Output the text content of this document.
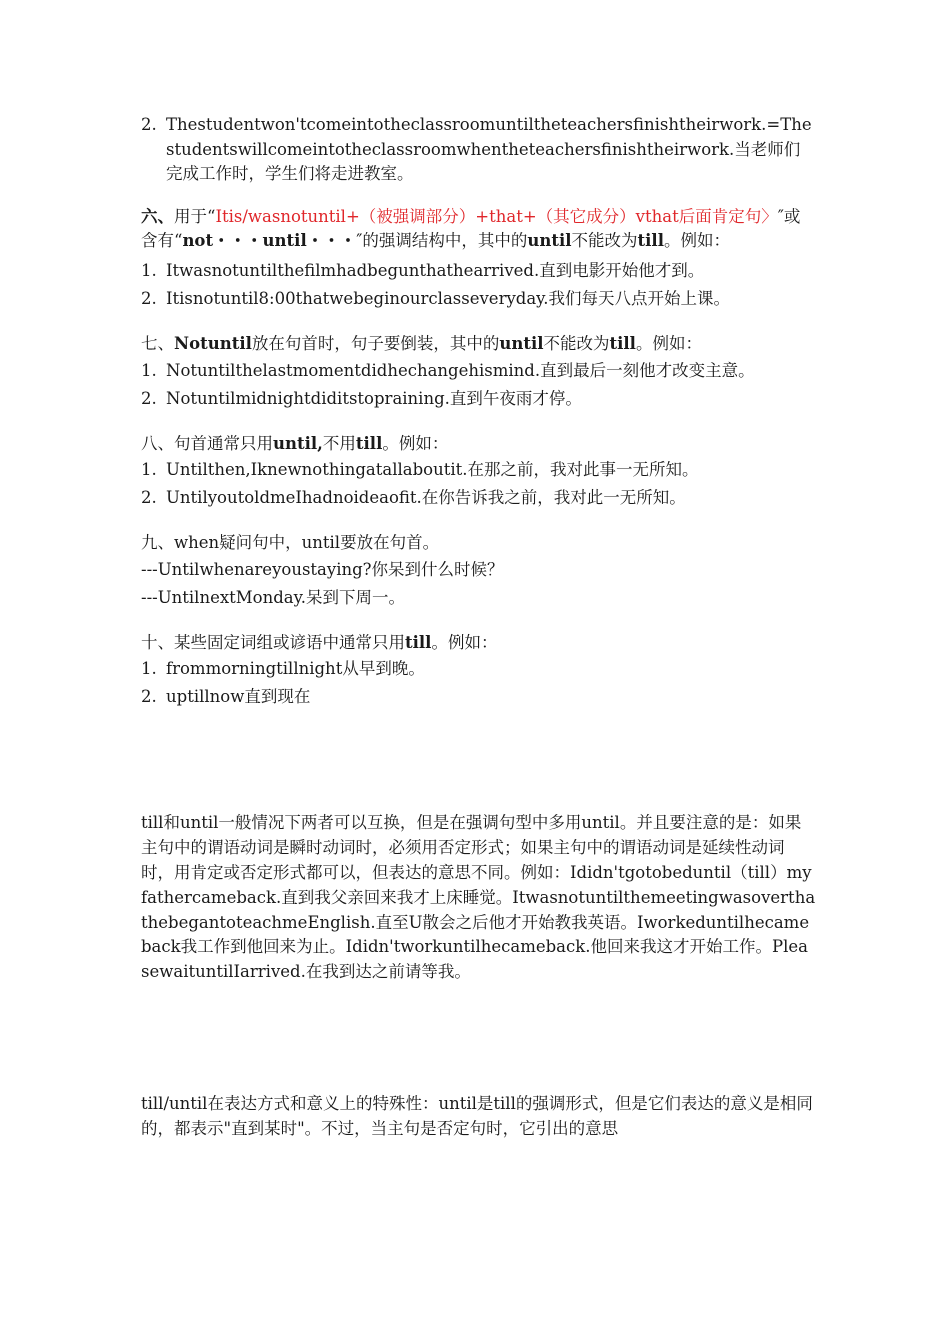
2. Thestudentwon'tcomeintotheclassroomuntiltheteachersfinishtheirwork.=Thestudentswillcomeintotheclassroomwhentheteachersfinishtheirwork.当老师们完成工作时，学生们将走进教室。

六、用于“Itis/wasnotuntil+（被强调部分）+that+（其它成分）vthat后面肯定句〉″或含有“not・・・until・・・″的强调结构中，其中的until不能改为till。例如：

1. Itwasnotuntilthefilmhadbegunthathearrived.直到电影开始他才到。
2. Itisnotuntil8:00thatwebeginourclasseveryday.我们每天八点开始上课。

七、Notuntil放在句首时，句子要倒装，其中的until不能改为till。例如：

1. Notuntilthelastmomentdidhechangehismind.直到最后一刻他才改变主意。
2. Notuntilmidnightdiditstopraining.直到午夜雨才停。

八、句首通常只用until,不用till。例如：

1. Untilthen,Iknewnothingatallaboutit.在那之前，我对此事一无所知。
2. UntilyoutoldmeIhadnoideaofit.在你告诉我之前，我对此一无所知。

九、when疑问句中，until要放在句首。

---Untilwhenareyoustaying?你呆到什么时候？

---UntilnextMonday.呆到下周一。

十、某些固定词组或谚语中通常只用till。例如：

1. frommorningtillnight从早到晚。
2. uptillnow直到现在

till和until一般情况下两者可以互换，但是在强调句型中多用until。并且要注意的是：如果主句中的谓语动词是瞬时动词时，必须用否定形式；如果主句中的谓语动词是延续性动词时，用肯定或否定形式都可以，但表达的意思不同。例如：Ididn'tgotobeduntil（till）myfathercameback.直到我父亲回来我才上床睡觉。ItwasnotuntilthemeetingwasoverthathebegantoteachmeEnglish.直至U散会之后他才开始教我英语。Iworkeduntilhecameback我工作到他回来为止。Ididn'tworkuntilhecameback.他回来我这才开始工作。PleasewaituntilIarrived.在我到达之前请等我。

till/until在表达方式和意义上的特殊性：until是till的强调形式，但是它们表达的意义是相同的，都表示"直到某时"。不过，当主句是否定句时，它引出的意思
